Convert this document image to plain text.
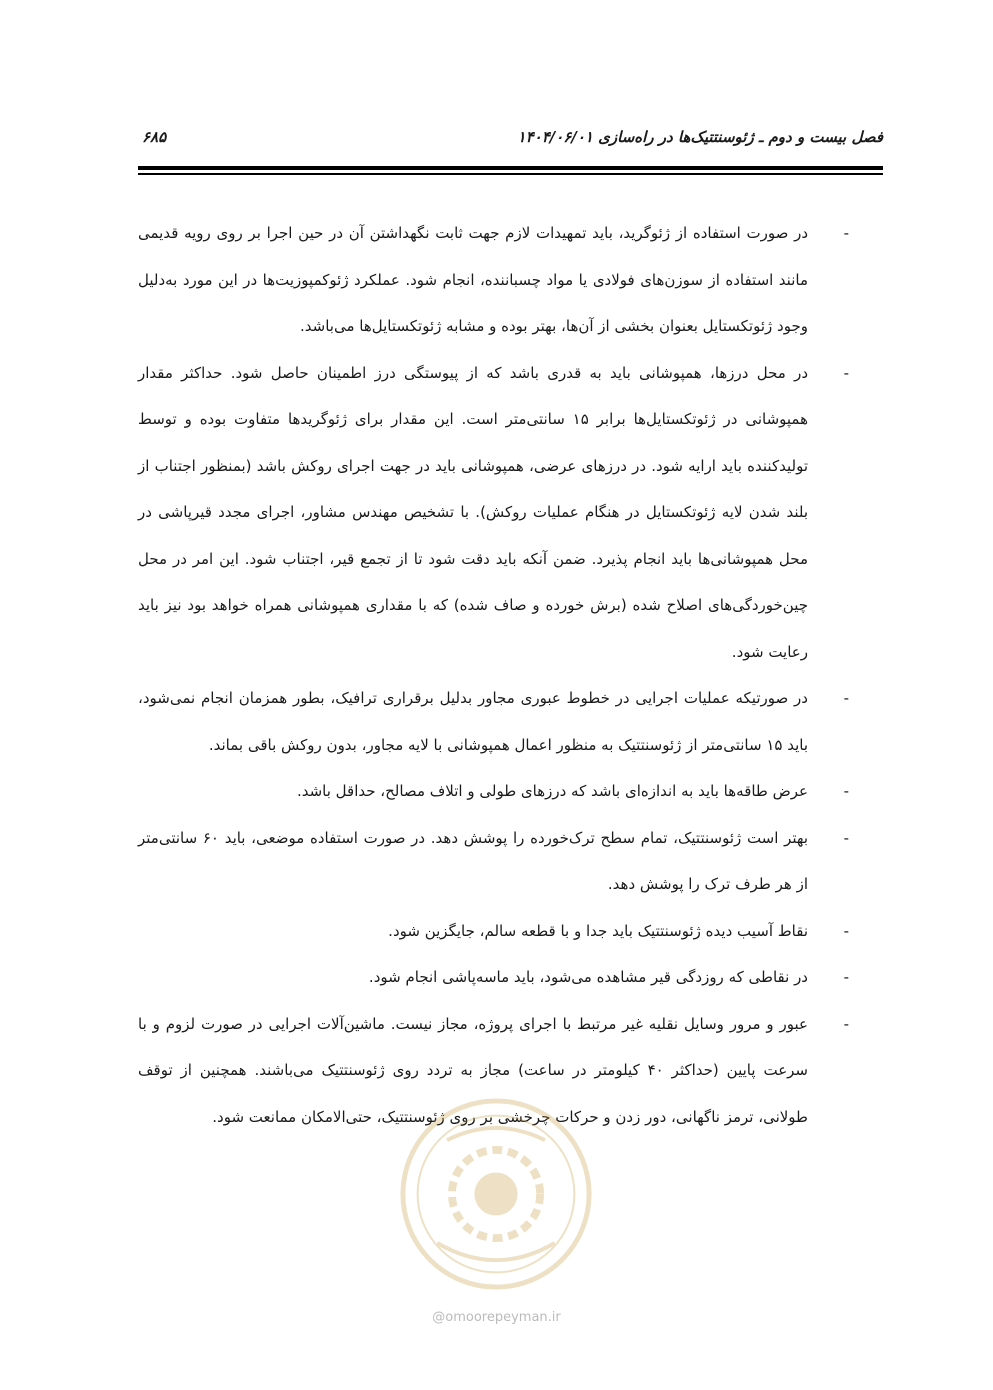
فصل بیست و دوم ـ ژئوسنتتیک‌ها در راه‌سازی ۱۴۰۴/۰۶/۰۱
۶۸۵
-
در صورت استفاده از ژئوگرید، باید تمهیدات لازم جهت ثابت نگهداشتن آن در حین اجرا بر روی رویه قدیمی مانند استفاده از سوزن‌های فولادی یا مواد چسباننده، انجام شود. عملکرد ژئوکمپوزیت‌ها در این مورد به‌دلیل وجود ژئوتکستایل بعنوان بخشی از آن‌ها، بهتر بوده و مشابه ژئوتکستایل‌ها می‌باشد.
-
در محل درزها، همپوشانی باید به قدری باشد که از پیوستگی درز اطمینان حاصل شود. حداکثر مقدار همپوشانی در ژئوتکستایل‌ها برابر ۱۵ سانتی‌متر است. این مقدار برای ژئوگریدها متفاوت بوده و توسط تولیدکننده باید ارایه شود. در درزهای عرضی، همپوشانی باید در جهت اجرای روکش باشد (بمنظور اجتناب از بلند شدن لایه ژئوتکستایل در هنگام عملیات روکش). با تشخیص مهندس مشاور، اجرای مجدد قیرپاشی در محل همپوشانی‌ها باید انجام پذیرد. ضمن آنکه باید دقت شود تا از تجمع قیر، اجتناب شود. این امر در محل چین‌خوردگی‌های اصلاح شده (برش خورده و صاف شده) که با مقداری همپوشانی همراه خواهد بود نیز باید رعایت شود.
-
در صورتیکه عملیات اجرایی در خطوط عبوری مجاور بدلیل برقراری ترافیک، بطور همزمان انجام نمی‌شود، باید ۱۵ سانتی‌متر از ژئوسنتتیک به منظور اعمال همپوشانی با لایه مجاور، بدون روکش باقی بماند.
-
عرض طاقه‌ها باید به اندازه‌ای باشد که درزهای طولی و اتلاف مصالح، حداقل باشد.
-
بهتر است ژئوسنتتیک، تمام سطح ترک‌خورده را پوشش دهد. در صورت استفاده موضعی، باید ۶۰ سانتی‌متر از هر طرف ترک را پوشش دهد.
-
نقاط آسیب دیده ژئوسنتتیک باید جدا و با قطعه سالم، جایگزین شود.
-
در نقاطی که روزدگی قیر مشاهده می‌شود، باید ماسه‌پاشی انجام شود.
-
عبور و مرور وسایل نقلیه غیر مرتبط با اجرای پروژه، مجاز نیست. ماشین‌آلات اجرایی در صورت لزوم و با سرعت پایین (حداکثر ۴۰ کیلومتر در ساعت) مجاز به تردد روی ژئوسنتتیک می‌باشند. همچنین از توقف طولانی، ترمز ناگهانی، دور زدن و حرکات چرخشی بر روی ژئوسنتتیک، حتی‌الامکان ممانعت شود.
@omoorepeyman.ir
